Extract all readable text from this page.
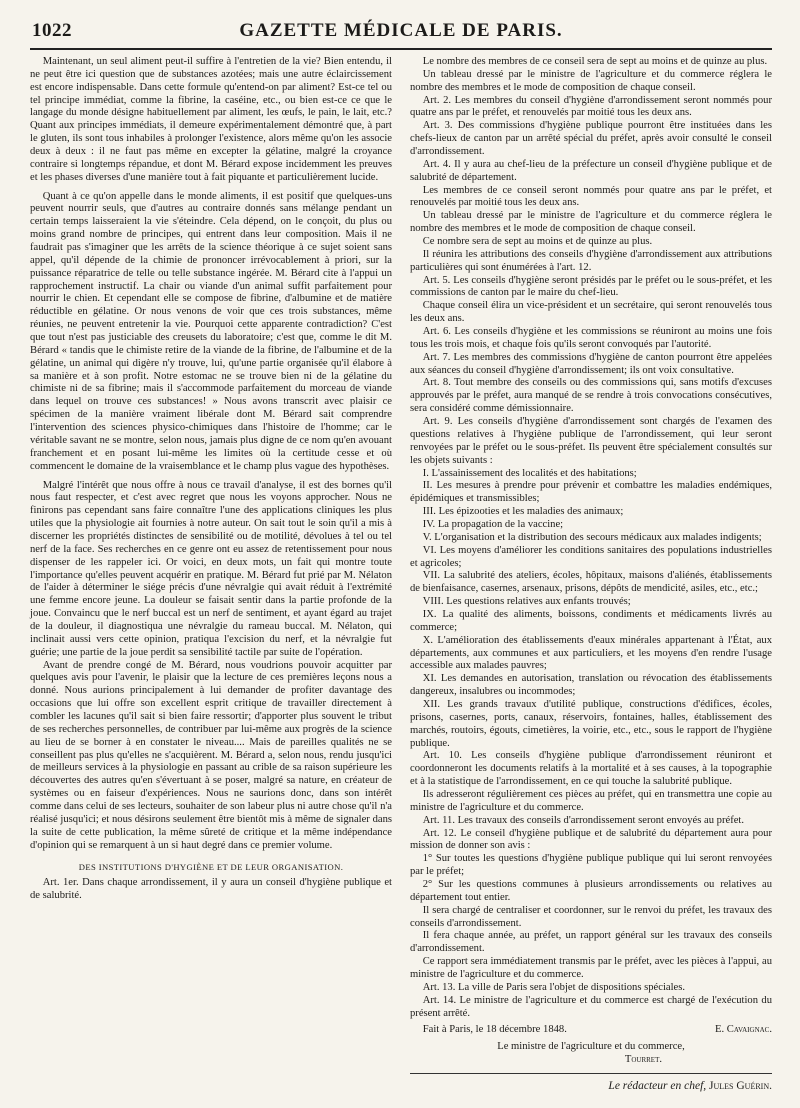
1022	GAZETTE MÉDICALE DE PARIS.

Maintenant, un seul aliment peut-il suffire à l'entretien de la vie? Bien entendu, il ne peut être ici question que de substances azotées; mais une autre éclaircissement est encore indispensable. Dans cette formule qu'entend-on par aliment? Est-ce tel ou tel principe immédiat, comme la fibrine, la caséine, etc., ou bien est-ce ce que le langage du monde désigne habituellement par aliment, les œufs, le pain, le lait, etc.? Quant aux principes immédiats, il demeure expérimentalement démontré que, à part le gluten, ils sont tous inhabiles à prolonger l'existence, alors même qu'on les associe deux à deux : il ne faut pas même en excepter la gélatine, malgré la croyance contraire si longtemps répandue, et dont M. Bérard expose incidemment les preuves et les phases diverses d'une manière tout à fait piquante et particulièrement lucide.

Quant à ce qu'on appelle dans le monde aliments, il est positif que quelques-uns peuvent nourrir seuls, que d'autres au contraire donnés sans mélange pendant un certain temps laisseraient la vie s'éteindre. Cela dépend, on le conçoit, du plus ou moins grand nombre de principes, qui entrent dans leur composition. Mais il ne faudrait pas s'imaginer que les arrêts de la science théorique à ce sujet soient sans appel, qu'il dépende de la chimie de prononcer irrévocablement à priori, sur la puissance réparatrice de telle ou telle substance ingérée. M. Bérard cite à l'appui un rapprochement instructif. La chair ou viande d'un animal suffit parfaitement pour nourrir le chien. Et cependant elle se compose de fibrine, d'albumine et de matière réductible en gélatine. Or nous venons de voir que ces trois substances, même réunies, ne peuvent entretenir la vie. Pourquoi cette apparente contradiction? C'est que tout n'est pas justiciable des creusets du laboratoire; c'est que, comme le dit M. Bérard « tandis que le chimiste retire de la viande de la fibrine, de l'albumine et de la gélatine, un animal qui digère n'y trouve, lui, qu'une partie organisée qu'il élabore à sa manière et à son profit. Notre estomac ne se trouve bien ni de la gélatine du chimiste ni de sa fibrine; mais il s'accommode parfaitement du morceau de viande dans lequel on trouve ces substances! » Nous avons transcrit avec plaisir ce spécimen de la manière vraiment libérale dont M. Bérard sait comprendre l'intervention des sciences physico-chimiques dans l'histoire de l'homme; car le véritable savant ne se montre, selon nous, jamais plus digne de ce nom qu'en avouant franchement et en posant lui-même les limites où la certitude cesse et où commencent le domaine de la vraisemblance et le champ plus vague des hypothèses.

Malgré l'intérêt que nous offre à nous ce travail d'analyse, il est des bornes qu'il nous faut respecter, et c'est avec regret que nous les voyons approcher. Nous ne finirons pas cependant sans faire connaître l'une des applications cliniques les plus utiles que la physiologie ait fournies à notre auteur. On sait tout le soin qu'il a mis à discerner les propriétés distinctes de sensibilité ou de motilité, dévolues à tel ou tel nerf de la face. Ses recherches en ce genre ont eu assez de retentissement pour nous dispenser de les rappeler ici. Or voici, en deux mots, un fait qui montre toute l'importance qu'elles peuvent acquérir en pratique. M. Bérard fut prié par M. Nélaton de l'aider à déterminer le siége précis d'une névralgie qui avait réduit à l'extrémité une femme encore jeune. La douleur se faisait sentir dans la partie profonde de la joue. Convaincu que le nerf buccal est un nerf de sentiment, et ayant égard au trajet de la douleur, il diagnostiqua une névralgie du rameau buccal. M. Nélaton, qui inclinait aussi vers cette opinion, pratiqua l'excision du nerf, et la névralgie fut guérie; une partie de la joue perdit sa sensibilité tactile par suite de l'opération.

Avant de prendre congé de M. Bérard, nous voudrions pouvoir acquitter par quelques avis pour l'avenir, le plaisir que la lecture de ces premières leçons nous a donné. Nous aurions principalement à lui demander de profiter davantage des occasions que lui offre son excellent esprit critique de travailler directement à combler les lacunes qu'il sait si bien faire ressortir; d'apporter plus souvent le tribut de ses recherches personnelles, de contribuer par lui-même aux progrès de la science au lieu de se borner à en constater le niveau.... Mais de pareilles qualités ne se conseillent pas plus qu'elles ne s'acquièrent. M. Bérard a, selon nous, rendu jusqu'ici de meilleurs services à la physiologie en passant au crible de sa raison supérieure les découvertes des autres qu'en s'évertuant à se poser, malgré sa nature, en créateur de systèmes ou en faiseur d'expériences. Nous ne saurions donc, dans son intérêt comme dans celui de ses lecteurs, souhaiter de son labeur plus ni autre chose qu'il n'a réalisé jusqu'ici; et nous désirons seulement être bientôt mis à même de signaler dans la suite de cette publication, la même sûreté de critique et la même indépendance d'opinion qui se remarquent à un si haut degré dans ce premier volume.

DES INSTITUTIONS D'HYGIÈNE ET DE LEUR ORGANISATION.

Art. 1er. Dans chaque arrondissement, il y aura un conseil d'hygiène publique et de salubrité.

Le nombre des membres de ce conseil sera de sept au moins et de quinze au plus.

Un tableau dressé par le ministre de l'agriculture et du commerce réglera le nombre des membres et le mode de composition de chaque conseil.

Art. 2. Les membres du conseil d'hygiène d'arrondissement seront nommés pour quatre ans par le préfet, et renouvelés par moitié tous les deux ans.

Art. 3. Des commissions d'hygiène publique pourront être instituées dans les chefs-lieux de canton par un arrêté spécial du préfet, après avoir consulté le conseil d'arrondissement.

Art. 4. Il y aura au chef-lieu de la préfecture un conseil d'hygiène publique et de salubrité de département.

Les membres de ce conseil seront nommés pour quatre ans par le préfet, et renouvelés par moitié tous les deux ans.

Un tableau dressé par le ministre de l'agriculture et du commerce réglera le nombre des membres et le mode de composition de chaque conseil.

Ce nombre sera de sept au moins et de quinze au plus.

Il réunira les attributions des conseils d'hygiène d'arrondissement aux attributions particulières qui sont énumérées à l'art. 12.

Art. 5. Les conseils d'hygiène seront présidés par le préfet ou le sous-préfet, et les commissions de canton par le maire du chef-lieu.

Chaque conseil élira un vice-président et un secrétaire, qui seront renouvelés tous les deux ans.

Art. 6. Les conseils d'hygiène et les commissions se réuniront au moins une fois tous les trois mois, et chaque fois qu'ils seront convoqués par l'autorité.

Art. 7. Les membres des commissions d'hygiène de canton pourront être appelées aux séances du conseil d'hygiène d'arrondissement; ils ont voix consultative.

Art. 8. Tout membre des conseils ou des commissions qui, sans motifs d'excuses approuvés par le préfet, aura manqué de se rendre à trois convocations consécutives, sera considéré comme démissionnaire.

Art. 9. Les conseils d'hygiène d'arrondissement sont chargés de l'examen des questions relatives à l'hygiène publique de l'arrondissement, qui leur seront renvoyées par le préfet ou le sous-préfet. Ils peuvent être spécialement consultés sur les objets suivants :

I. L'assainissement des localités et des habitations;

II. Les mesures à prendre pour prévenir et combattre les maladies endémiques, épidémiques et transmissibles;

III. Les épizooties et les maladies des animaux;

IV. La propagation de la vaccine;

V. L'organisation et la distribution des secours médicaux aux malades indigents;

VI. Les moyens d'améliorer les conditions sanitaires des populations industrielles et agricoles;

VII. La salubrité des ateliers, écoles, hôpitaux, maisons d'aliénés, établissements de bienfaisance, casernes, arsenaux, prisons, dépôts de mendicité, asiles, etc., etc.;

VIII. Les questions relatives aux enfants trouvés;

IX. La qualité des aliments, boissons, condiments et médicaments livrés au commerce;

X. L'amélioration des établissements d'eaux minérales appartenant à l'État, aux départements, aux communes et aux particuliers, et les moyens d'en rendre l'usage accessible aux malades pauvres;

XI. Les demandes en autorisation, translation ou révocation des établissements dangereux, insalubres ou incommodes;

XII. Les grands travaux d'utilité publique, constructions d'édifices, écoles, prisons, casernes, ports, canaux, réservoirs, fontaines, halles, établissement des marchés, routoirs, égouts, cimetières, la voirie, etc., etc., sous le rapport de l'hygiène publique.

Art. 10. Les conseils d'hygiène publique d'arrondissement réuniront et coordonneront les documents relatifs à la mortalité et à ses causes, à la topographie et à la statistique de l'arrondissement, en ce qui touche la salubrité publique.

Ils adresseront régulièrement ces pièces au préfet, qui en transmettra une copie au ministre de l'agriculture et du commerce.

Art. 11. Les travaux des conseils d'arrondissement seront envoyés au préfet.

Art. 12. Le conseil d'hygiène publique et de salubrité du département aura pour mission de donner son avis :

1° Sur toutes les questions d'hygiène publique publique qui lui seront renvoyées par le préfet;

2° Sur les questions communes à plusieurs arrondissements ou relatives au département tout entier.

Il sera chargé de centraliser et coordonner, sur le renvoi du préfet, les travaux des conseils d'arrondissement.

Il fera chaque année, au préfet, un rapport général sur les travaux des conseils d'arrondissement.

Ce rapport sera immédiatement transmis par le préfet, avec les pièces à l'appui, au ministre de l'agriculture et du commerce.

Art. 13. La ville de Paris sera l'objet de dispositions spéciales.

Art. 14. Le ministre de l'agriculture et du commerce est chargé de l'exécution du présent arrêté.

Fait à Paris, le 18 décembre 1848.	E. Cavaignac.
Le ministre de l'agriculture et du commerce,
Tourret.
Le rédacteur en chef, Jules Guérin.
